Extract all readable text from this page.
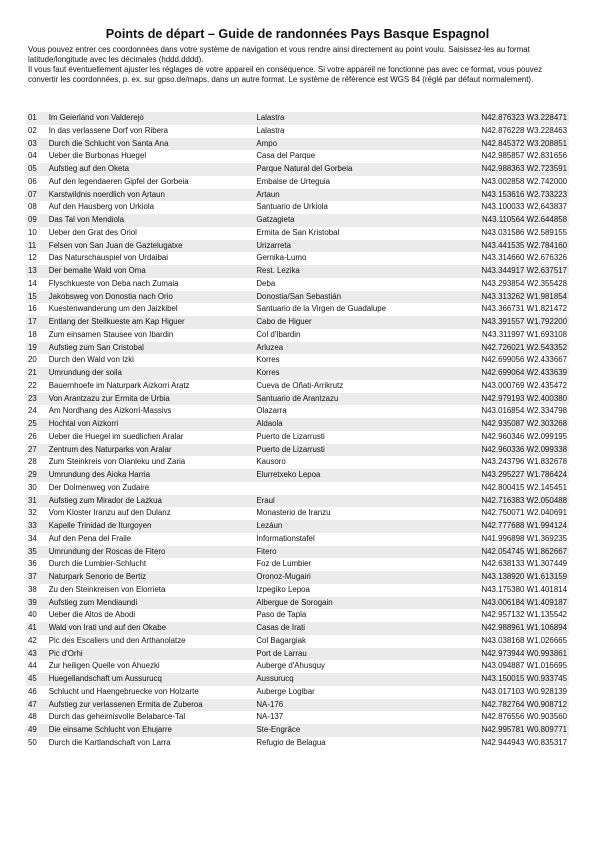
Points de départ – Guide de randonnées Pays Basque Espagnol

Vous pouvez entrer ces coordonnées dans votre système de navigation et vous rendre ainsi directement au point voulu. Saisissez-les au format latitude/longitude avec les décimales (hddd.dddd).

Il vous faut éventuellement ajuster les réglages de votre appareil en conséquence. Si votre appareil ne fonctionne pas avec ce format, vous pouvez convertir les coordonnées, p. ex. sur gpso.de/maps, dans un autre format. Le système de référence est WGS 84 (réglé par défaut normalement).

01	Im Geierland von Valderejo	Lalastra	N42.876323 W3.228471
02	In das verlassene Dorf von Ribera	Lalastra	N42.876228 W3.228463
03	Durch die Schlucht von Santa Ana	Ampo	N42.845372 W3.208851
04	Ueber die Burbonas Huegel	Casa del Parque	N42.985857 W2.831656
05	Aufstieg auf den Oketa	Parque Natural del Gorbeia	N42.988363 W2.723591
06	Auf den legendaeren Gipfel der Gorbeia	Embalse de Urteguia	N43.002858 W2.742000
07	Karstwildnis noerdlich von Artaun	Artaun	N43.153616 W2.733223
08	Auf den Hausberg von Urkiola	Santuario de Urkiola	N43.100033 W2.643837
09	Das Tal von Mendiola	Gatzagieta	N43.110564 W2.644858
10	Ueber den Grat des Oriol	Ermita de San Kristobal	N43.031586 W2.589155
11	Felsen von San Juan de Gaztelugatxe	Urizarreta	N43.441535 W2.784160
12	Das Naturschauspiel von Urdaibai	Gernika-Lumo	N43.314660 W2.676326
13	Der bemalte Wald von Oma	Rest. Lezika	N43.344917 W2.637517
14	Flyschkueste von Deba nach Zumaia	Deba	N43.293854 W2.355428
15	Jakobsweg von Donostia nach Orio	Donostia/San Sebastián	N43.313262 W1.981854
16	Kuestenwanderung um den Jaizkibel	Santuario de la Virgen de Guadalupe	N43.366731 W1.821472
17	Entlang der Steilkueste am Kap Higuer	Cabo de Higuer	N43.391557 W1.792200
18	Zum einsamen Stausee von Ibardin	Col d'Ibardin	N43.311997 W1.693108
19	Aufstieg zum San Cristobal	Arluzea	N42.726021 W2.543352
20	Durch den Wald von Izki	Korres	N42.699056 W2.433667
21	Umrundung der soila	Korres	N42.699064 W2.433639
22	Bauernhoefe im Naturpark Aizkorri Aratz	Cueva de Oñati-Arrikrutz	N43.000769 W2.435472
23	Von Arantzazu zur Ermita de Urbia	Santuario de Arantzazu	N42.979193 W2.400380
24	Am Nordhang des Aizkorri-Massivs	Olazarra	N43.016854 W2.334798
25	Hochtal von Aizkorri	Aldaola	N42.935087 W2.303268
26	Ueber die Huegel im suedlichen Aralar	Puerto de Lizarrusti	N42.960346 W2.099195
27	Zentrum des Naturparks von Aralar	Puerto de Lizarrusti	N42.960336 W2.099338
28	Zum Steinkreis von Oianleku und Zaria	Kausoro	N43.243796 W1.832678
29	Umrundung des Aioka Harria	Elurretxeko Lepoa	N43.295227 W1.786424
30	Der Dolmenweg von Zudaire		N42.800415 W2.145451
31	Aufstieg zum Mirador de Lazkua	Eraul	N42.716383 W2.050488
32	Vom Kloster Iranzu auf den Dulanz	Monasterio de Iranzu	N42.750071 W2.040691
33	Kapelle Trinidad de Iturgoyen	Lezáun	N42.777688 W1.994124
34	Auf den Pena del Fraile	Informationstafel	N41.996898 W1.369235
35	Umrundung der Roscas de Fitero	Fitero	N42.054745 W1.862667
36	Durch die Lumbier-Schlucht	Foz de Lumbier	N42.638133 W1.307449
37	Naturpark Senorio de Bertiz	Oronoz-Mugairi	N43.138920 W1.613159
38	Zu den Steinkreisen von Elorrieta	Izpegiko Lepoa	N43.175380 W1.401814
39	Aufstieg zum Mendiaundi	Albergue de Sorogain	N43.006184 W1.409187
40	Ueber die Altos de Abodi	Paso de Tapla	N42.957132 W1.135542
41	Wald von Irati und auf den Okabe	Casas de Irati	N42.988961 W1.106894
42	Pic des Escaliers und den Arthanolatze	Col Bagargiak	N43.038168 W1.026665
43	Pic d'Orhi	Port de Larrau	N42.973944 W0.993861
44	Zur heiligen Quelle von Ahuezki	Auberge d'Ahusquy	N43.094887 W1.016695
45	Huegellandschaft um Aussurucq	Aussurucq	N43.150015 W0.933745
46	Schlucht und Haengebruecke von Holzarte	Auberge Logibar	N43.017103 W0.928139
47	Aufstieg zur verlassenen Ermita de Zuberoa	NA-176	N42.782764 W0.908712
48	Durch das geheimisvolle Belabarce-Tal	NA-137	N42.876556 W0.903560
49	Die einsame Schlucht von Ehujarre	Ste-Engrâce	N42.995781 W0.809771
50	Durch die Kartlandschaft von Larra	Refugio de Belagua	N42.944943 W0.835317
